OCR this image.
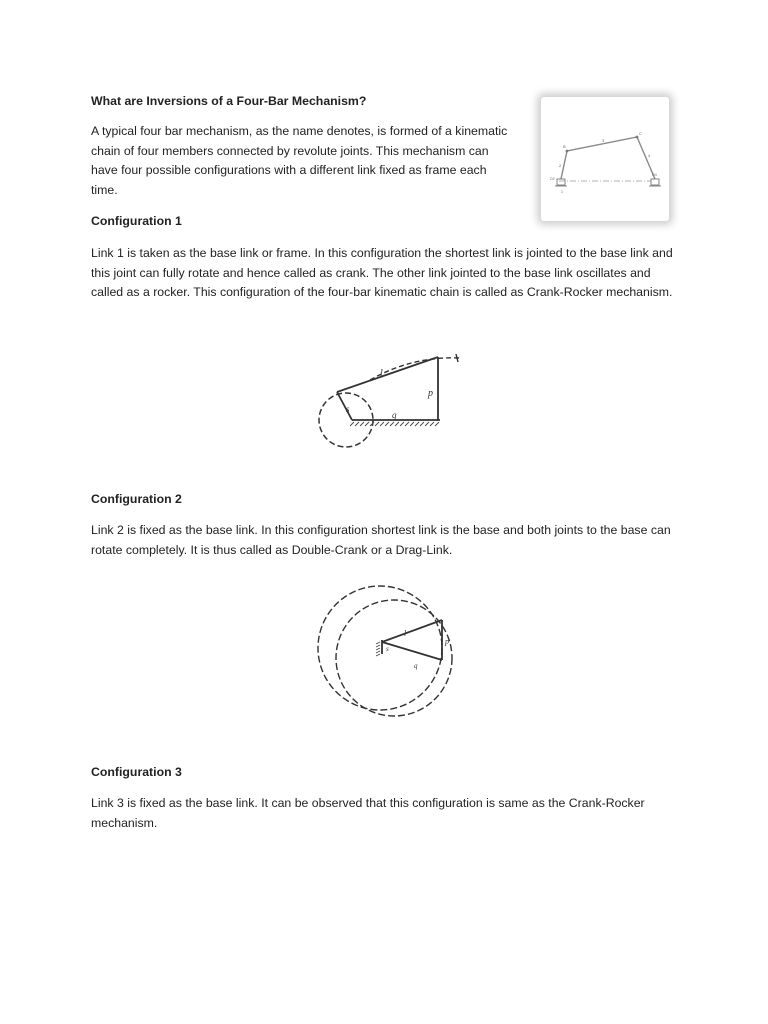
What are Inversions of a Four-Bar Mechanism?

A typical four bar mechanism, as the name denotes, is formed of a kinematic chain of four members connected by revolute joints. This mechanism can have four possible configurations with a different link fixed as frame each time.

B
C
2
3
4
O2
O4
1

Configuration 1

Link 1 is taken as the base link or frame. In this configuration the shortest link is jointed to the base link and this joint can fully rotate and hence called as crank. The other link jointed to the base link oscillates and called as a rocker. This configuration of the four-bar kinematic chain is called as Crank-Rocker mechanism.

l
p
s
q

Configuration 2

Link 2 is fixed as the base link. In this configuration shortest link is the base and both joints to the base can rotate completely. It is thus called as Double-Crank or a Drag-Link.

l
p
s
q

Configuration 3

Link 3 is fixed as the base link. It can be observed that this configuration is same as the Crank-Rocker mechanism.
